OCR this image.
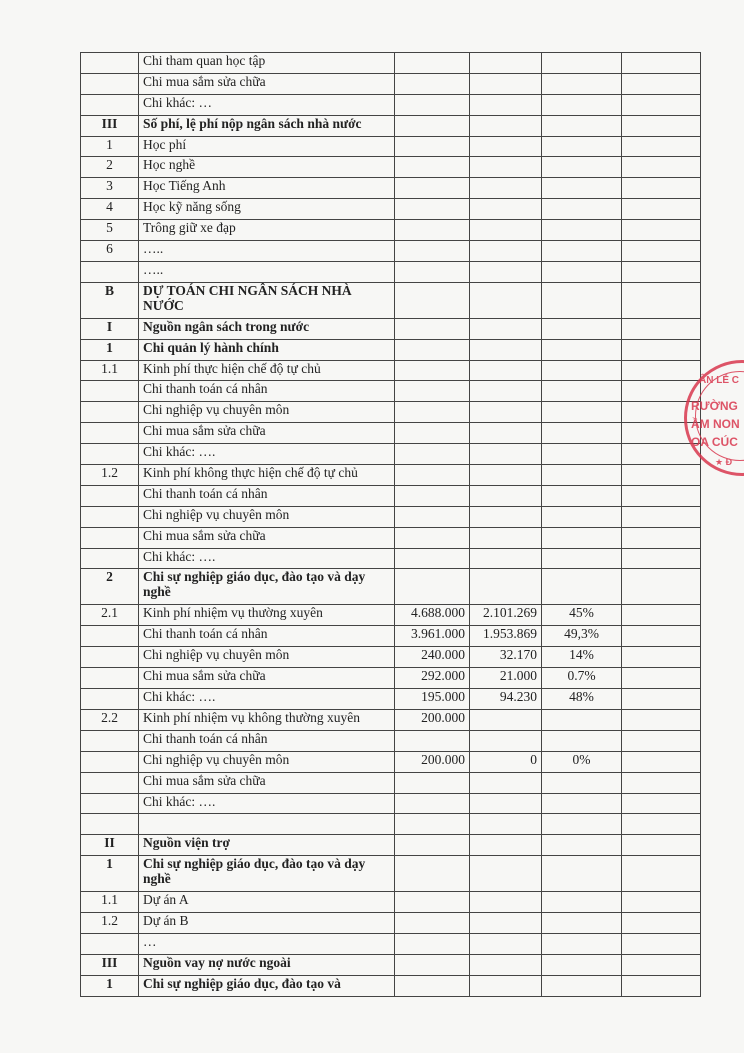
	Chi tham quan học tập				
	Chi mua sắm sửa chữa				
	Chi khác: …				
III	Số phí, lệ phí nộp ngân sách nhà nước				
1	Học phí				
2	Học nghề				
3	Học Tiếng Anh				
4	Học kỹ năng sống				
5	Trông giữ xe đạp				
6	…..				
	…..				
B	DỰ TOÁN CHI NGÂN SÁCH NHÀ NƯỚC				
I	Nguồn ngân sách trong nước				
1	Chi quản lý hành chính				
1.1	Kinh phí thực hiện chế độ tự chủ				
	Chi thanh toán cá nhân				
	Chi nghiệp vụ chuyên môn				
	Chi mua sắm sửa chữa				
	Chi khác: ….				
1.2	Kinh phí không thực hiện chế độ tự chủ				
	Chi thanh toán cá nhân				
	Chi nghiệp vụ chuyên môn				
	Chi mua sắm sửa chữa				
	Chi khác: ….				
2	Chi sự nghiệp giáo dục, đào tạo và dạy nghề				
2.1	Kinh phí nhiệm vụ thường xuyên	4.688.000	2.101.269	45%	
	Chi thanh toán cá nhân	3.961.000	1.953.869	49,3%	
	Chi nghiệp vụ chuyên môn	240.000	32.170	14%	
	Chi mua sắm sửa chữa	292.000	21.000	0.7%	
	Chi khác: ….	195.000	94.230	48%	
2.2	Kinh phí nhiệm vụ không thường xuyên	200.000			
	Chi thanh toán cá nhân				
	Chi nghiệp vụ chuyên môn	200.000	0	0%	
	Chi mua sắm sửa chữa				
	Chi khác: ….				

II	Nguồn viện trợ				
1	Chi sự nghiệp giáo dục, đào tạo và dạy nghề				
1.1	Dự án A				
1.2	Dự án B				
	…				
III	Nguồn vay nợ nước ngoài				
1	Chi sự nghiệp giáo dục, đào tạo và				
ÂN LỄ C
RƯỜNG
ẦM NON
OA CÚC
★ Đ
